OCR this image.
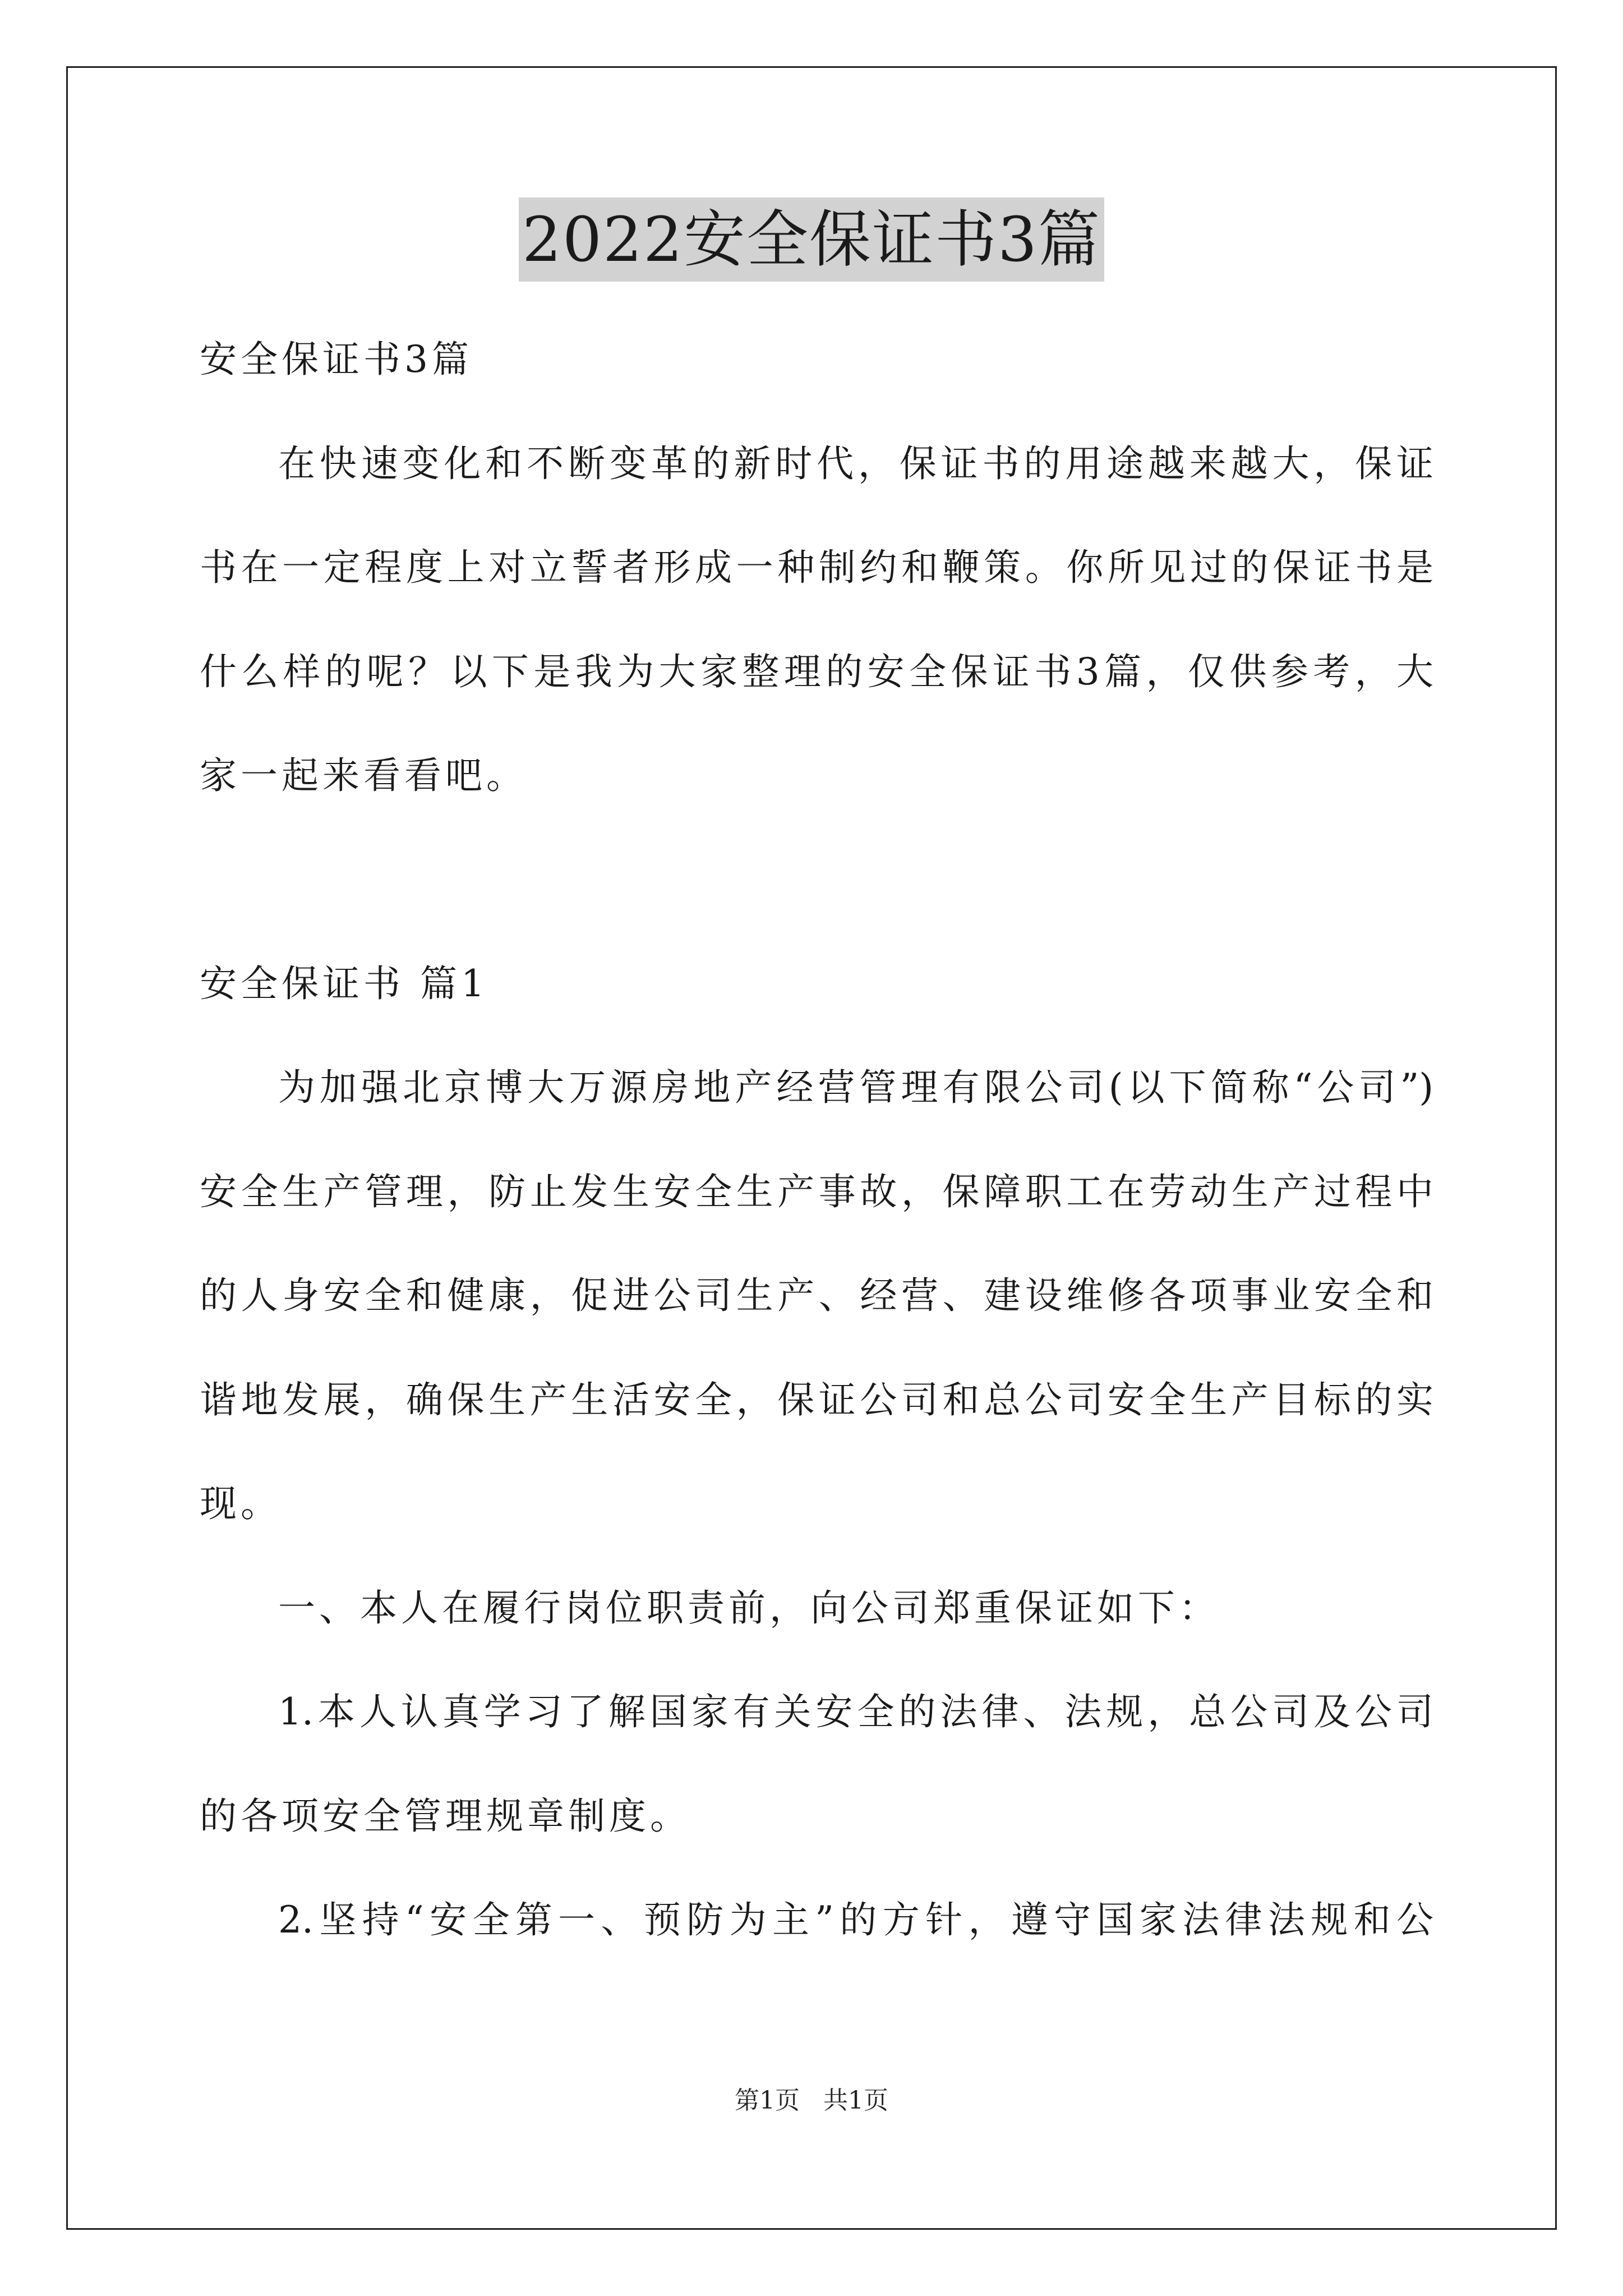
2022安全保证书3篇
安全保证书3篇
在快速变化和不断变革的新时代，保证书的用途越来越大，保证
书在一定程度上对立誓者形成一种制约和鞭策。你所见过的保证书是
什么样的呢？以下是我为大家整理的安全保证书3篇，仅供参考，大
家一起来看看吧。
安全保证书 篇1
为加强北京博大万源房地产经营管理有限公司(以下简称“公司”)
安全生产管理，防止发生安全生产事故，保障职工在劳动生产过程中
的人身安全和健康，促进公司生产、经营、建设维修各项事业安全和
谐地发展，确保生产生活安全，保证公司和总公司安全生产目标的实
现。
一、本人在履行岗位职责前，向公司郑重保证如下：
1.本人认真学习了解国家有关安全的法律、法规，总公司及公司
的各项安全管理规章制度。
2.坚持“安全第一、预防为主”的方针，遵守国家法律法规和公
第1页   共1页
